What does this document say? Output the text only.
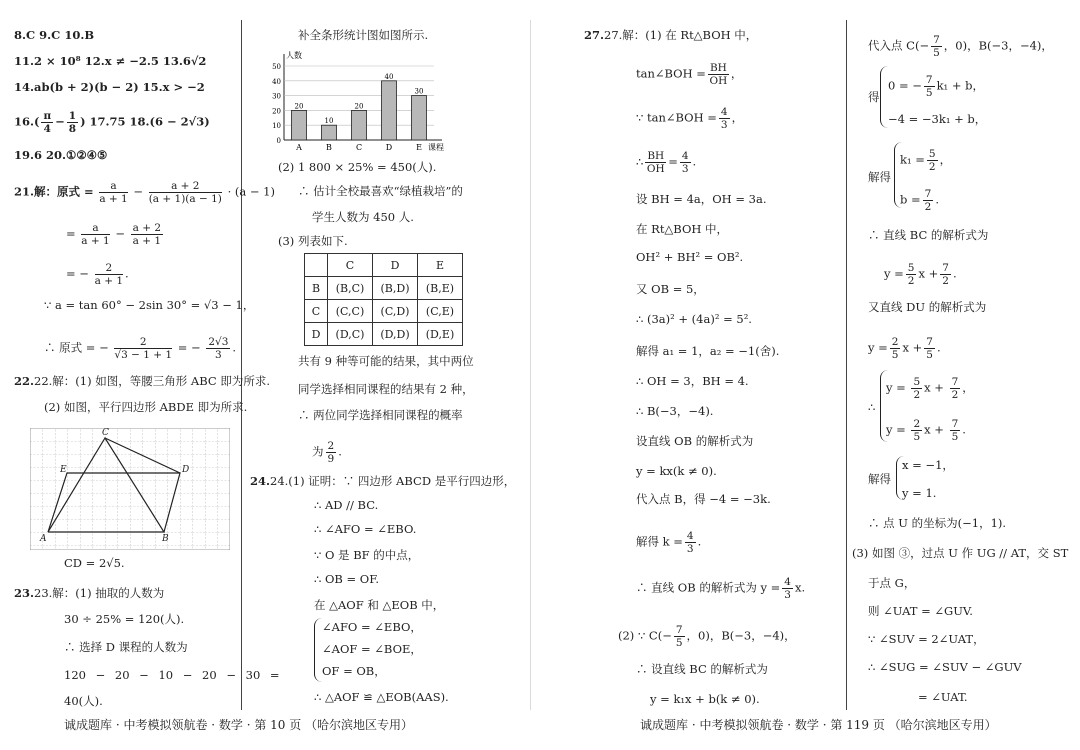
8.C 9.C 10.B
11.2 × 10⁸ 12.x ≠ −2.5 13.6√2
14.ab(b + 2)(b − 2) 15.x > −2
$16.( \frac{\pi}{4} - \frac{1}{8}$ ) 17.75 18.(6 − 2√3)
19.6 20.①②④⑤
21.解：原式 = $\frac{a}{a + 1} - \frac{a + 2}{(a + 1)(a - 1)} \cdot (a - 1)$
= $\frac{a}{a + 1} - \frac{a + 2}{a + 1}$
= − $\frac{2}{a + 1}$ .
∵ a = tan 60° − 2sin 30° = √3 − 1，
∴ 原式 = − $\frac{2}{√3 - 1 + 1}$ = − $\frac{2√3}{3}$ .
22.22.解：(1) 如图，等腰三角形 ABC 即为所求.
(2) 如图，平行四边形 ABDE 即为所求.
C
E	D
A	B
CD = 2√5.
23.23.解：(1) 抽取的人数为
30 ÷ 25% = 120(人).
∴ 选择 D 课程的人数为
120 − 20 − 10 − 20 − 30 =
40(人).
补全条形统计图如图所示.
人数
课程
0
10
20
30
40
50
20
A
10
B
20
C
40
D
30
E
(2) 1 800 × 25% = 450(人).
∴ 估计全校最喜欢“绿植栽培”的
学生人数为 450 人.
(3) 列表如下.
	C	D	E
B	(B,C)	(B,D)	(B,E)
C	(C,C)	(C,D)	(C,E)
D	(D,C)	(D,D)	(D,E)
共有 9 种等可能的结果，其中两位
同学选择相同课程的结果有 2 种，
∴ 两位同学选择相同课程的概率
为 $\frac{2}{9}$ .
24.24.(1) 证明：∵ 四边形 ABCD 是平行四边形，
∴ AD // BC.
∴ ∠AFO = ∠EBO.
∵ O 是 BF 的中点，
∴ OB = OF.
在 △AOF 和 △EOB 中，
∠AFO = ∠EBO，
∠AOF = ∠BOE，
OF = OB，
∴ △AOF ≌ △EOB(AAS).
27.27.解：(1) 在 Rt△BOH 中，
tan∠BOH = $\frac{BH}{OH}$ ，
∵ tan∠BOH = $\frac{4}{3}$ ，
∴ $\frac{BH}{OH} = \frac{4}{3}$ .
设 BH = 4a，OH = 3a.
在 Rt△BOH 中，
OH² + BH² = OB².
又 OB = 5，
∴ (3a)² + (4a)² = 5².
解得 a₁ = 1，a₂ = −1(舍).
∴ OH = 3，BH = 4.
∴ B(−3，−4).
设直线 OB 的解析式为
y = kx(k ≠ 0).
代入点 B，得 −4 = −3k.
解得 $k = \frac{4}{3}$ .
∴ 直线 OB 的解析式为 $y = \frac{4}{3} x$.
(2) ∵ $C(- \frac{7}{5}$ ，0)，B(−3，−4)，
∴ 设直线 BC 的解析式为
y = k₁x + b(k ≠ 0).
代入点 $C(- \frac{7}{5}$ ，0)，B(−3，−4)，
得
0 = − $\frac{7}{5} k_1 + b$，
−4 = −3k₁ + b，
解得
$k_1 = \frac{5}{2}$ ，
$b = \frac{7}{2}$ .
∴ 直线 BC 的解析式为
$y = \frac{5}{2}$ $x + \frac{7}{2}$ .
又直线 DU 的解析式为
$y = \frac{2}{5}$ $x + \frac{7}{5}$ .
∴
$y = \frac{5}{2}$ $x + \frac{7}{2}$ ，
$y = \frac{2}{5}$ $x + \frac{7}{5}$ .
解得
x = −1，
y = 1.
∴ 点 U 的坐标为(−1，1).
(3) 如图 ③，过点 U 作 UG // AT，交 ST
于点 G，
则 ∠UAT = ∠GUV.
∵ ∠SUV = 2∠UAT，
∴ ∠SUG = ∠SUV − ∠GUV
= ∠UAT.
诚成题库 · 中考模拟领航卷 · 数学 · 第 10 页 （哈尔滨地区专用）	诚成题库 · 中考模拟领航卷 · 数学 · 第 119 页 （哈尔滨地区专用）
